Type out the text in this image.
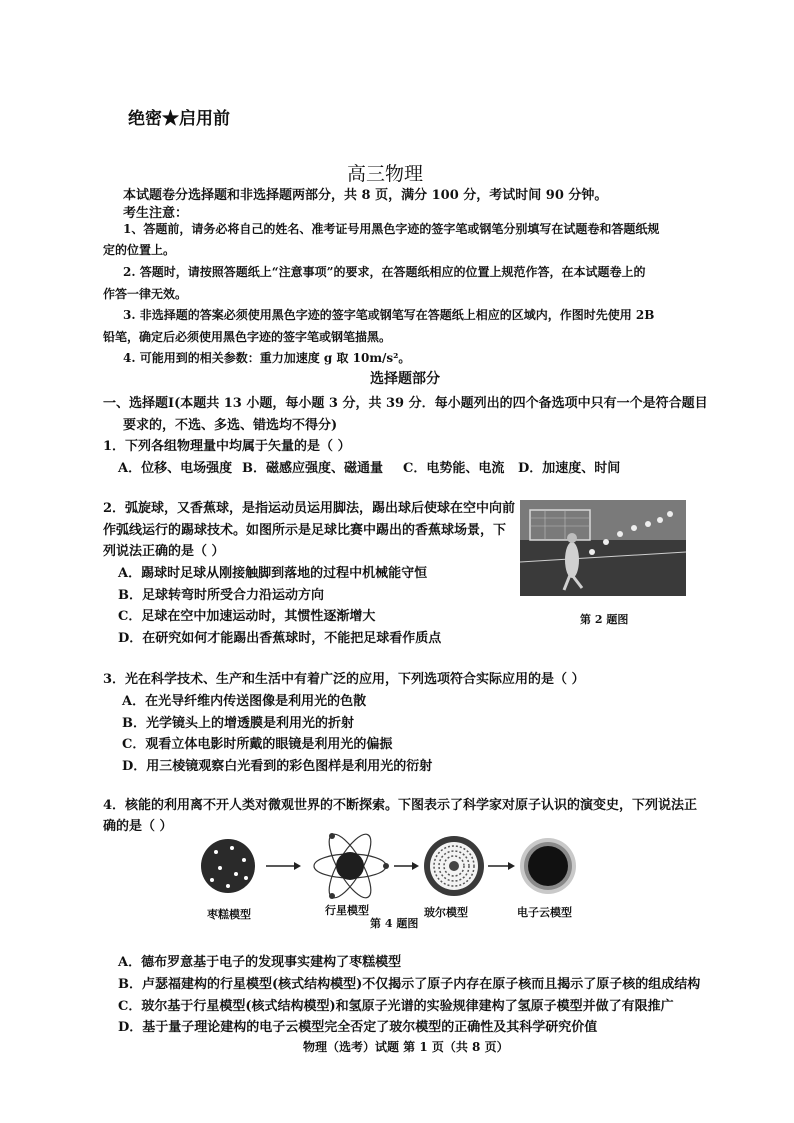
绝密★启用前
高三物理
本试题卷分选择题和非选择题两部分，共 8 页，满分 100 分，考试时间 90 分钟。
考生注意：
1、答题前，请务必将自己的姓名、准考证号用黑色字迹的签字笔或钢笔分别填写在试题卷和答题纸规
定的位置上。
2. 答题时，请按照答题纸上“注意事项”的要求，在答题纸相应的位置上规范作答，在本试题卷上的
作答一律无效。
3. 非选择题的答案必须使用黑色字迹的签字笔或钢笔写在答题纸上相应的区域内，作图时先使用 2B
铅笔，确定后必须使用黑色字迹的签字笔或钢笔描黑。
4. 可能用到的相关参数：重力加速度 g 取 10m/s²。
选择题部分
一、选择题Ⅰ(本题共 13 小题，每小题 3 分，共 39 分．每小题列出的四个备选项中只有一个是符合题目
要求的，不选、多选、错选均不得分)
1．下列各组物理量中均属于矢量的是（ ）
A．位移、电场强度 B．磁感应强度、磁通量 C．电势能、电流 D．加速度、时间
2．弧旋球，又香蕉球，是指运动员运用脚法，踢出球后使球在空中向前
作弧线运行的踢球技术。如图所示是足球比赛中踢出的香蕉球场景，下
列说法正确的是（ ）
A．踢球时足球从刚接触脚到落地的过程中机械能守恒
B．足球转弯时所受合力沿运动方向
C．足球在空中加速运动时，其惯性逐渐增大
D．在研究如何才能踢出香蕉球时，不能把足球看作质点
第 2 题图
3．光在科学技术、生产和生活中有着广泛的应用，下列选项符合实际应用的是（ ）
A．在光导纤维内传送图像是利用光的色散
B．光学镜头上的增透膜是利用光的折射
C．观看立体电影时所戴的眼镜是利用光的偏振
D．用三棱镜观察白光看到的彩色图样是利用光的衍射
4．核能的利用离不开人类对微观世界的不断探索。下图表示了科学家对原子认识的演变史，下列说法正
确的是（ ）
枣糕模型	行星模型	玻尔模型	电子云模型
第 4 题图
A．德布罗意基于电子的发现事实建构了枣糕模型
B．卢瑟福建构的行星模型(核式结构模型)不仅揭示了原子内存在原子核而且揭示了原子核的组成结构
C．玻尔基于行星模型(核式结构模型)和氢原子光谱的实验规律建构了氢原子模型并做了有限推广
D．基于量子理论建构的电子云模型完全否定了玻尔模型的正确性及其科学研究价值
物理（选考）试题 第 1 页（共 8 页）
